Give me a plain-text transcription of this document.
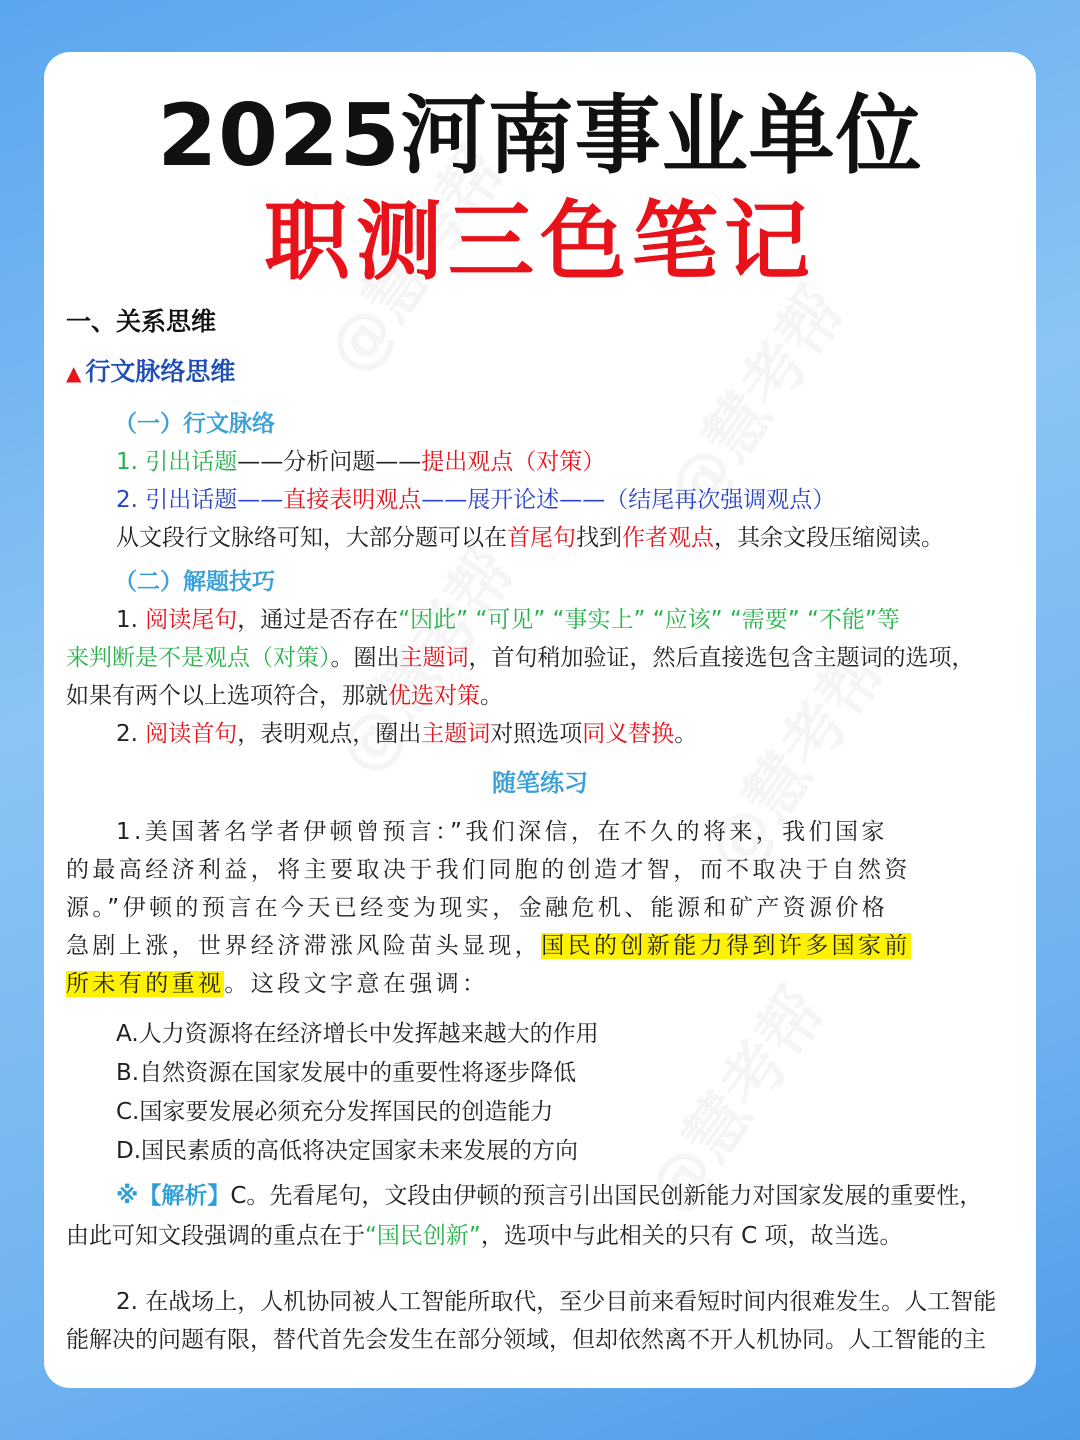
2025河南事业单位
职测三色笔记
一、关系思维
▲ 行文脉络思维
（一）行文脉络
1. 引出话题——分析问题——提出观点（对策）
2. 引出话题——直接表明观点——展开论述——（结尾再次强调观点）
从文段行文脉络可知，大部分题可以在首尾句找到作者观点，其余文段压缩阅读。
（二）解题技巧
1. 阅读尾句，通过是否存在“因此” “可见” “事实上” “应该” “需要” “不能”等
来判断是不是观点（对策）。圈出主题词，首句稍加验证，然后直接选包含主题词的选项，
如果有两个以上选项符合，那就优选对策。
2. 阅读首句，表明观点，圈出主题词对照选项同义替换。
随笔练习
1.美国著名学者伊顿曾预言：”我们深信，在不久的将来，我们国家
的最高经济利益，将主要取决于我们同胞的创造才智，而不取决于自然资
源。”伊顿的预言在今天已经变为现实，金融危机、能源和矿产资源价格
急剧上涨，世界经济滞涨风险苗头显现，国民的创新能力得到许多国家前
所未有的重视。这段文字意在强调：
A.人力资源将在经济增长中发挥越来越大的作用
B.自然资源在国家发展中的重要性将逐步降低
C.国家要发展必须充分发挥国民的创造能力
D.国民素质的高低将决定国家未来发展的方向
※【解析】C。先看尾句，文段由伊顿的预言引出国民创新能力对国家发展的重要性，
由此可知文段强调的重点在于“国民创新”，选项中与此相关的只有 C 项，故当选。
2. 在战场上，人机协同被人工智能所取代，至少目前来看短时间内很难发生。人工智能
能解决的问题有限，替代首先会发生在部分领域，但却依然离不开人机协同。人工智能的主
